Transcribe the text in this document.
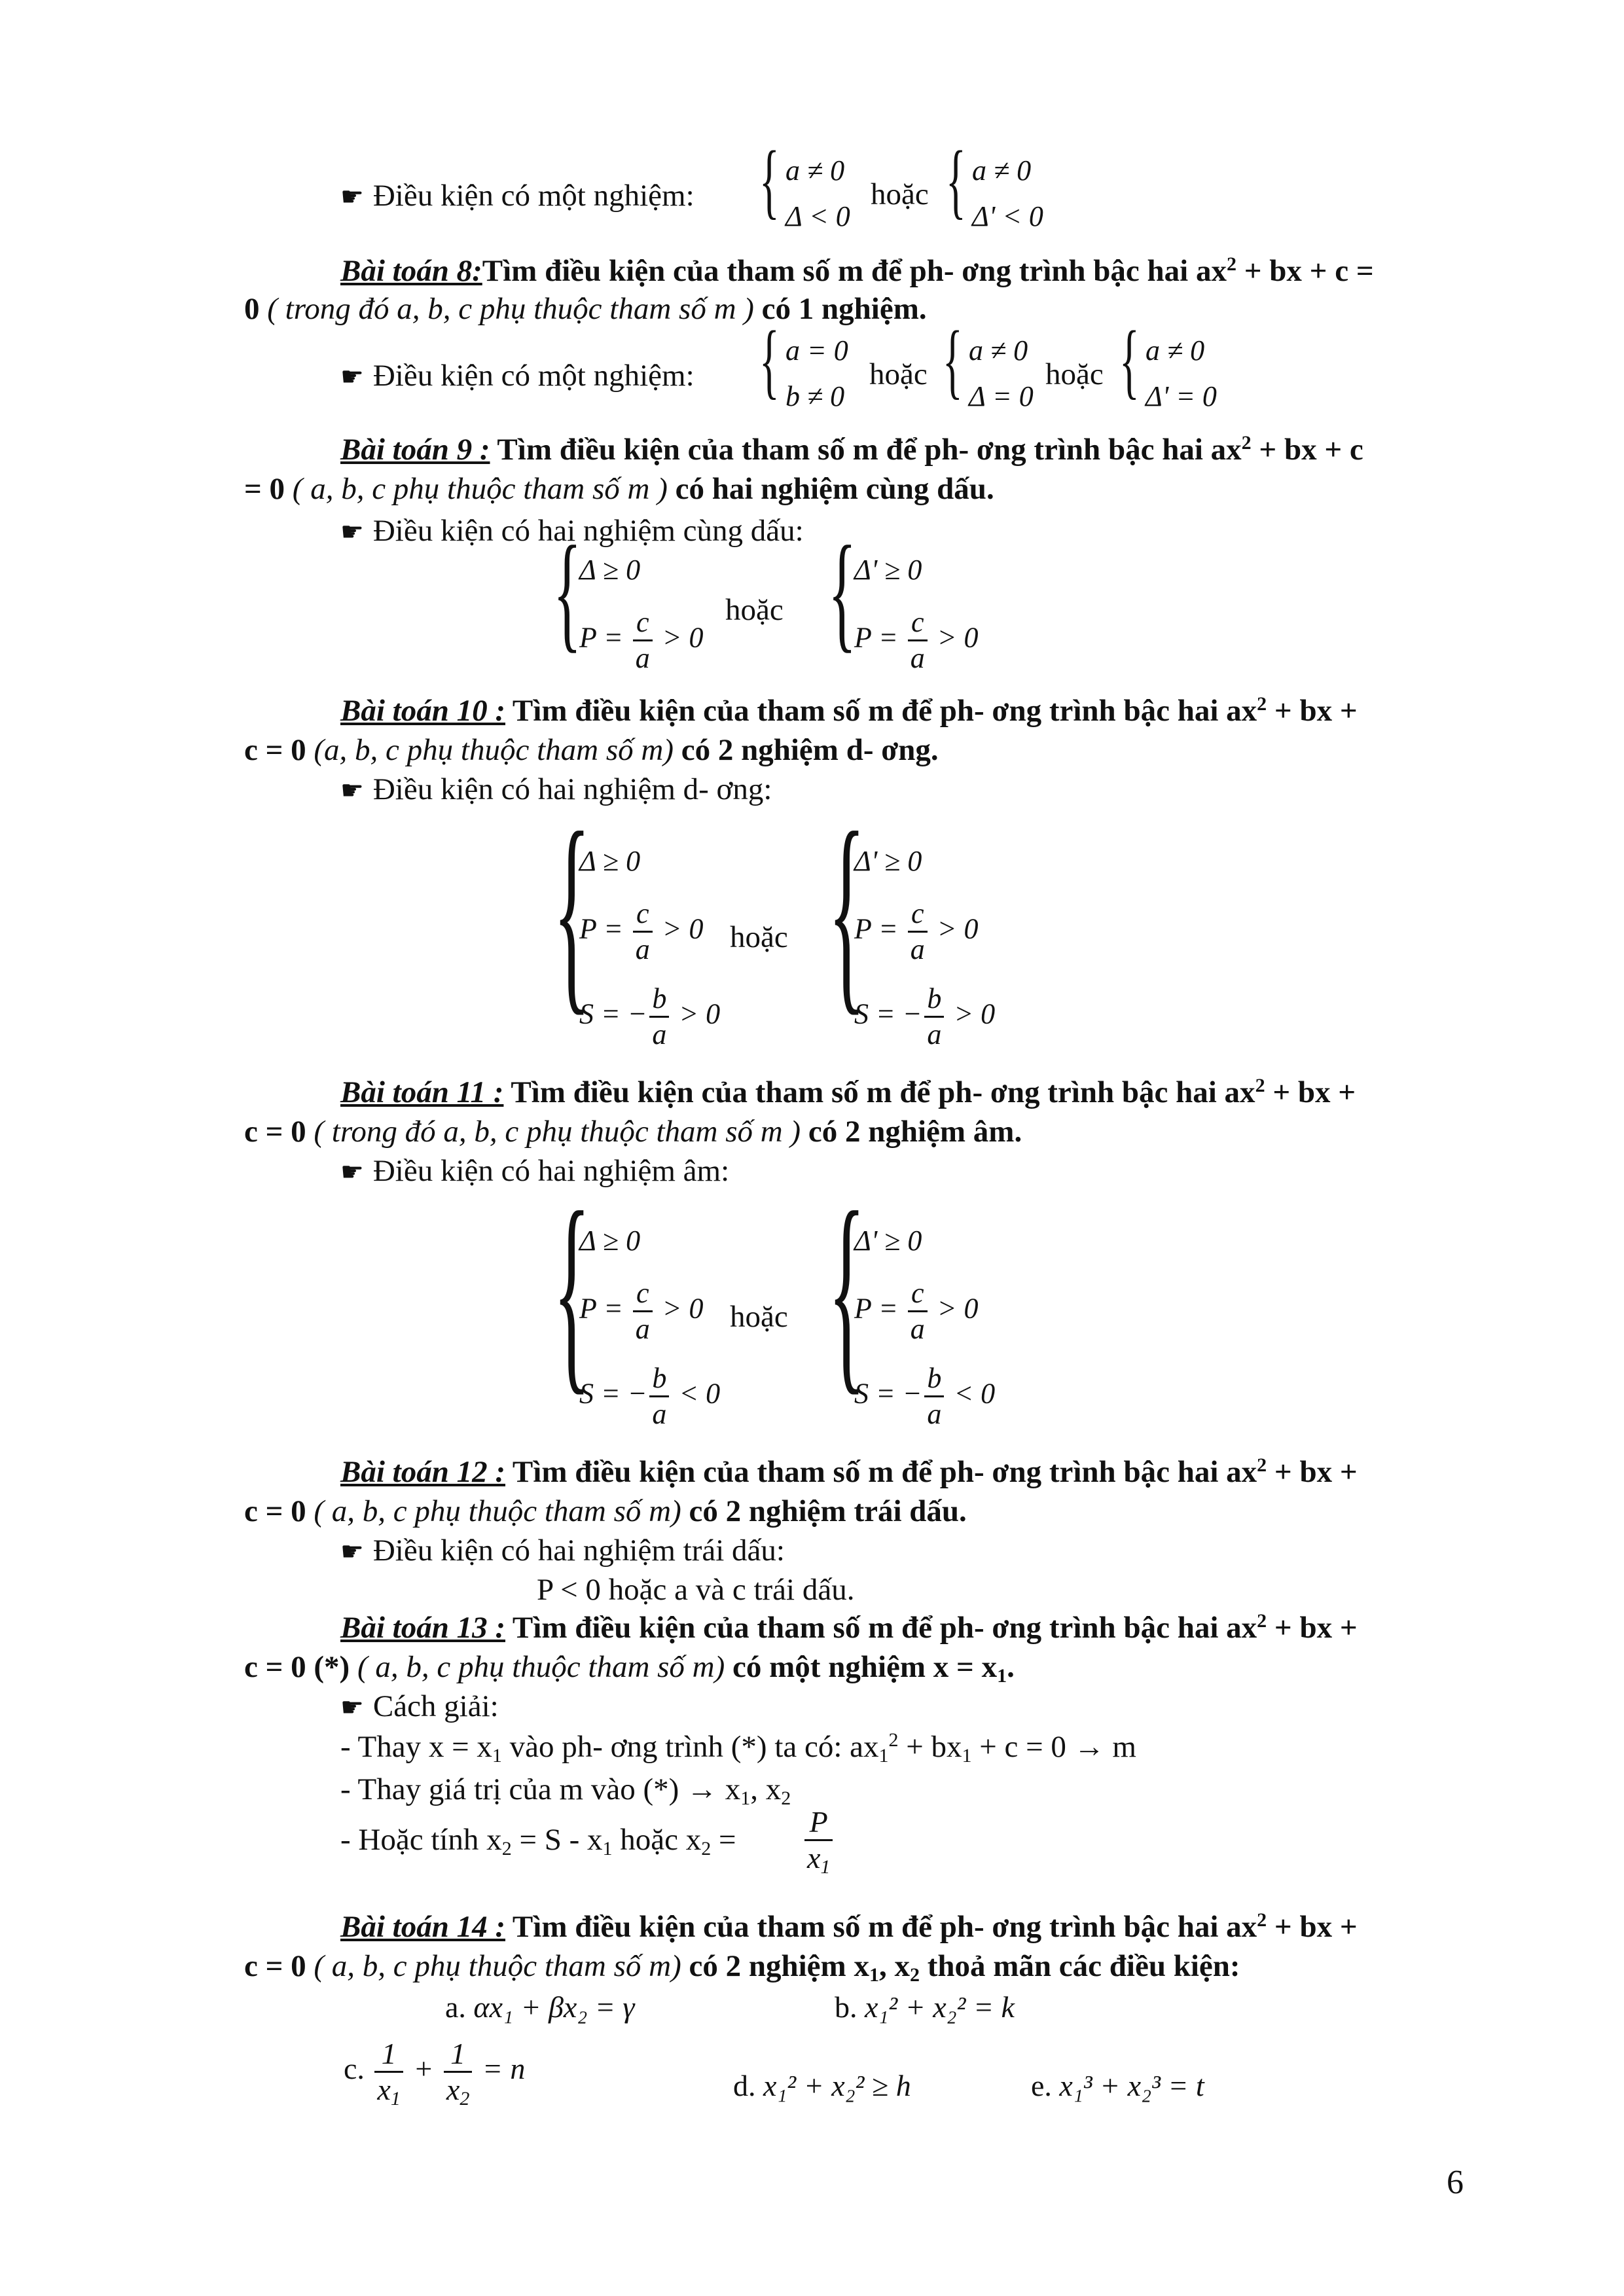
☛ Điều kiện có một nghiệm: { a ≠ 0
Δ < 0
hoặc { a ≠ 0
Δ' < 0
Bài toán 8:Tìm điều kiện của tham số m để ph- ơng trình bậc hai $ax^2$ + bx + c =
0 ( trong đó a, b, c phụ thuộc tham số m ) có 1 nghiệm.
☛ Điều kiện có một nghiệm: { a = 0
b ≠ 0
hoặc { a ≠ 0
Δ = 0
hoặc { a ≠ 0
Δ' = 0
Bài toán 9 : Tìm điều kiện của tham số m để ph- ơng trình bậc hai $ax^2$ + bx + c
= 0 ( a, b, c phụ thuộc tham số m ) có hai nghiệm cùng dấu.
☛ Điều kiện có hai nghiệm cùng dấu:
{
Δ ≥ 0
$P = \frac{c}{a} > 0$
hoặc {
Δ' ≥ 0
$P = \frac{c}{a} > 0$
Bài toán 10 : Tìm điều kiện của tham số m để ph- ơng trình bậc hai $ax^2$ + bx +
c = 0 (a, b, c phụ thuộc tham số m) có 2 nghiệm d- ơng.
☛ Điều kiện có hai nghiệm d- ơng:
{
Δ ≥ 0
$P = \frac{c}{a} > 0$
S = − $\frac{b}{a} > 0$
hoặc {
Δ' ≥ 0
$P = \frac{c}{a} > 0$
S = − $\frac{b}{a} > 0$
Bài toán 11 : Tìm điều kiện của tham số m để ph- ơng trình bậc hai $ax^2$ + bx +
c = 0 ( trong đó a, b, c phụ thuộc tham số m ) có 2 nghiệm âm.
☛ Điều kiện có hai nghiệm âm:
{
Δ ≥ 0
$P = \frac{c}{a} > 0$
S = − $\frac{b}{a} < 0$
hoặc {
Δ' ≥ 0
$P = \frac{c}{a} > 0$
S = − $\frac{b}{a} < 0$
Bài toán 12 : Tìm điều kiện của tham số m để ph- ơng trình bậc hai $ax^2$ + bx +
c = 0 ( a, b, c phụ thuộc tham số m) có 2 nghiệm trái dấu.
☛ Điều kiện có hai nghiệm trái dấu:
P < 0 hoặc a và c trái dấu.
Bài toán 13 : Tìm điều kiện của tham số m để ph- ơng trình bậc hai $ax^2$ + bx +
c = 0 (*) ( a, b, c phụ thuộc tham số m) có một nghiệm $x = x_1$.
☛ Cách giải:
- Thay $x = x_1$ vào ph- ơng trình (*) ta có: $ax_1^2 + bx_1 + c = 0 \to m$
- Thay giá trị của m vào (*) → $x_1$, $x_2$
- Hoặc tính $x_2 = S - x_1$ hoặc $x_2 = \frac{P}{x_1}$
Bài toán 14 : Tìm điều kiện của tham số m để ph- ơng trình bậc hai $ax^2$ + bx +
c = 0 ( a, b, c phụ thuộc tham số m) có 2 nghiệm $x_1$, $x_2$ thoả mãn các điều kiện:
a. αx₁ + βx₂ = γ	b. x₁² + x₂² = k
c. $\frac{1}{x_1} + \frac{1}{x_2} = n$
d. x₁² + x₂² ≥ h	e. x₁³ + x₂³ = t
6
